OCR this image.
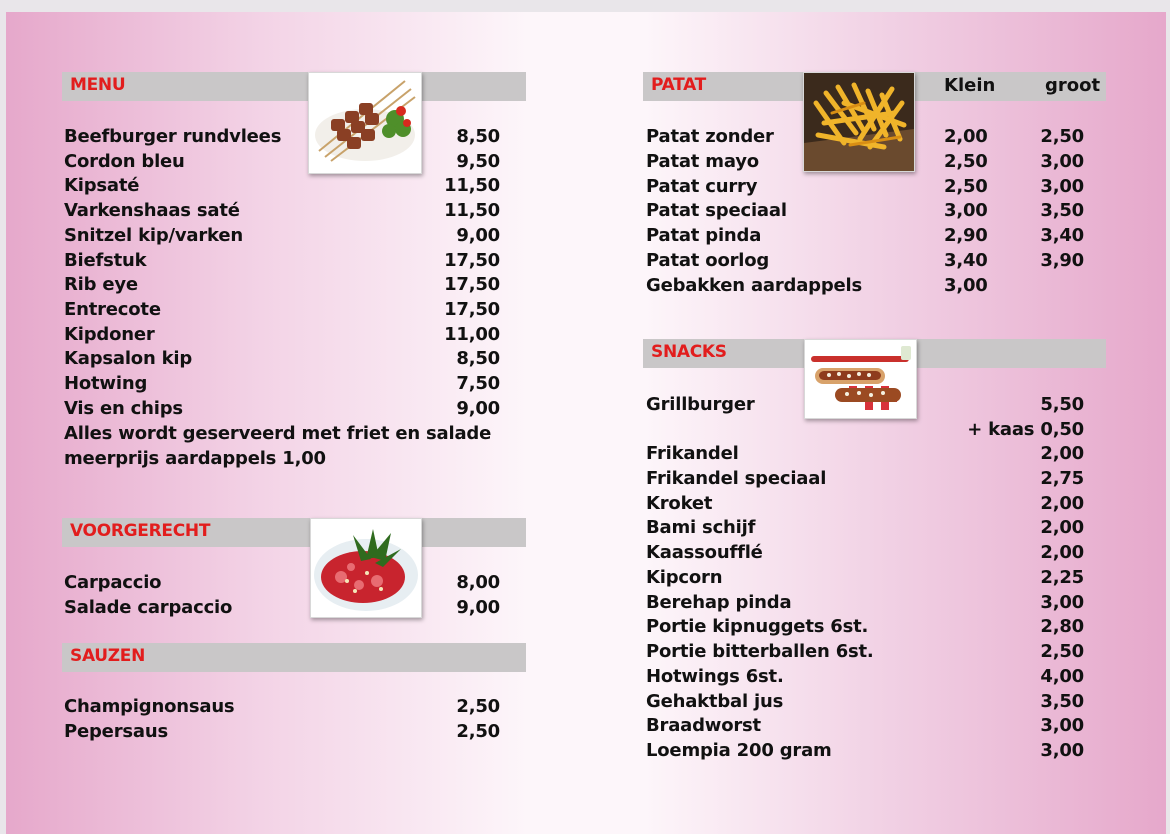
MENU
Beefburger rundvlees	8,50
Cordon bleu	9,50
Kipsaté	11,50
Varkenshaas saté	11,50
Snitzel kip/varken	9,00
Biefstuk	17,50
Rib eye	17,50
Entrecote	17,50
Kipdoner	11,00
Kapsalon kip	8,50
Hotwing	7,50
Vis en chips	9,00
Alles wordt geserveerd met friet en salade
meerprijs aardappels 1,00
VOORGERECHT
Carpaccio	8,00
Salade carpaccio	9,00
SAUZEN
Champignonsaus	2,50
Pepersaus	2,50
PATAT	Klein	groot
Patat zonder	2,00	2,50
Patat mayo	2,50	3,00
Patat curry	2,50	3,00
Patat speciaal	3,00	3,50
Patat pinda	2,90	3,40
Patat oorlog	3,40	3,90
Gebakken aardappels	3,00
SNACKS
Grillburger	5,50
+ kaas 0,50
Frikandel	2,00
Frikandel speciaal	2,75
Kroket	2,00
Bami schijf	2,00
Kaassoufflé	2,00
Kipcorn	2,25
Berehap pinda	3,00
Portie kipnuggets 6st.	2,80
Portie bitterballen 6st.	2,50
Hotwings 6st.	4,00
Gehaktbal jus	3,50
Braadworst	3,00
Loempia 200 gram	3,00
